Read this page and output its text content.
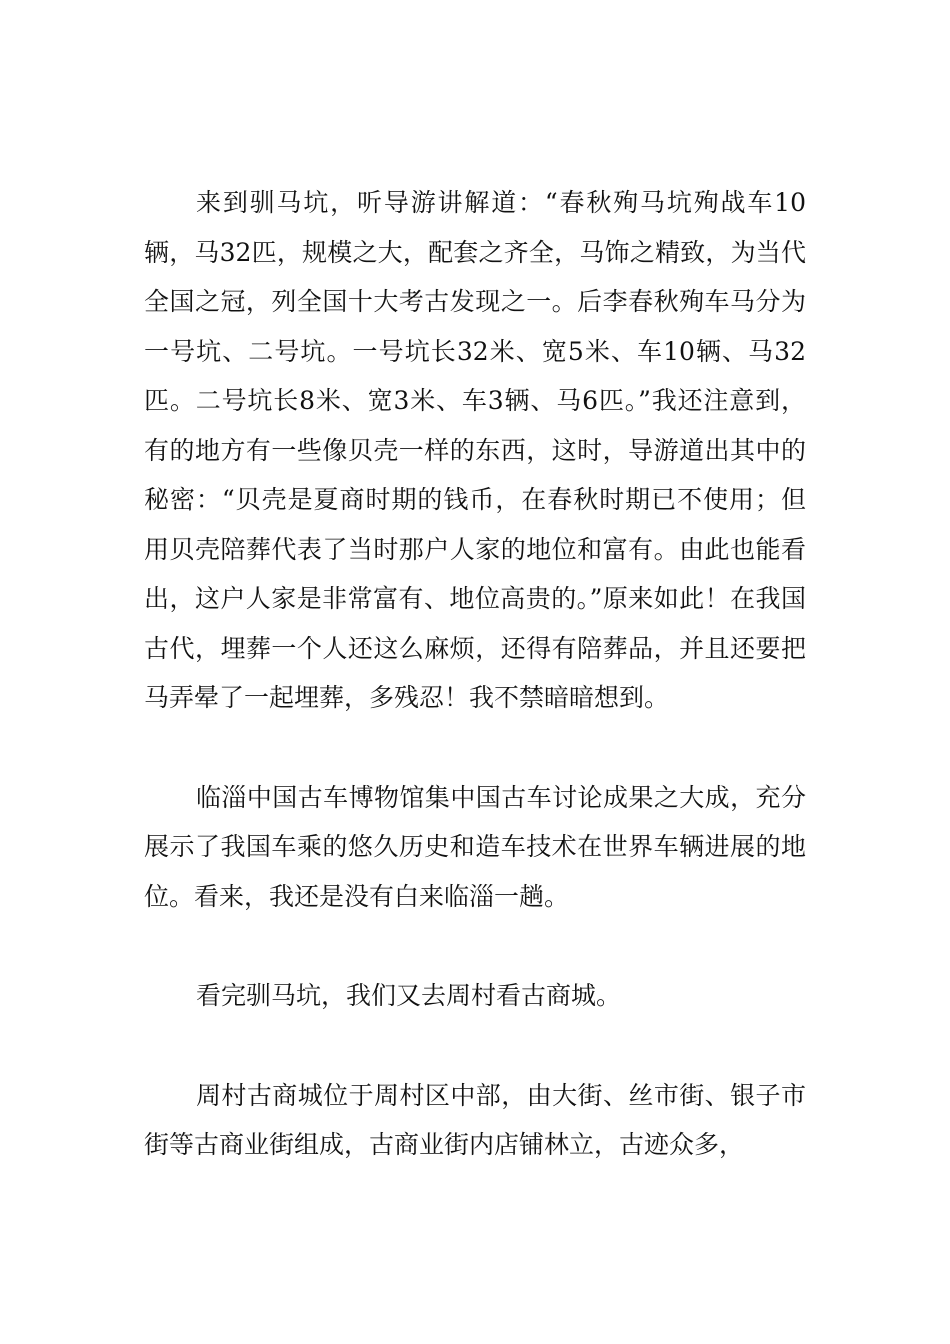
来到驯马坑，听导游讲解道：“春秋殉马坑殉战车10辆，马32匹，规模之大，配套之齐全，马饰之精致，为当代全国之冠，列全国十大考古发现之一。后李春秋殉车马分为一号坑、二号坑。一号坑长32米、宽5米、车10辆、马32匹。二号坑长8米、宽3米、车3辆、马6匹。”我还注意到，有的地方有一些像贝壳一样的东西，这时，导游道出其中的秘密：“贝壳是夏商时期的钱币，在春秋时期已不使用；但用贝壳陪葬代表了当时那户人家的地位和富有。由此也能看出，这户人家是非常富有、地位高贵的。”原来如此！在我国古代，埋葬一个人还这么麻烦，还得有陪葬品，并且还要把马弄晕了一起埋葬，多残忍！我不禁暗暗想到。

临淄中国古车博物馆集中国古车讨论成果之大成，充分展示了我国车乘的悠久历史和造车技术在世界车辆进展的地位。看来，我还是没有白来临淄一趟。

看完驯马坑，我们又去周村看古商城。

周村古商城位于周村区中部，由大街、丝市街、银子市街等古商业街组成，古商业街内店铺林立，古迹众多，
